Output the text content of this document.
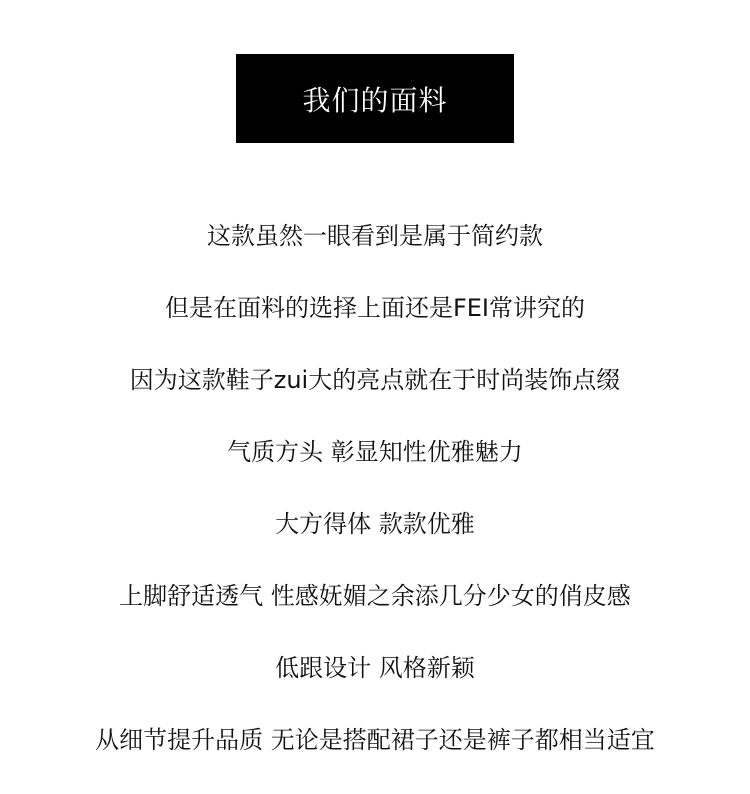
我们的面料
这款虽然一眼看到是属于简约款
但是在面料的选择上面还是FEI常讲究的
因为这款鞋子zui大的亮点就在于时尚装饰点缀
气质方头 彰显知性优雅魅力
大方得体 款款优雅
上脚舒适透气 性感妩媚之余添几分少女的俏皮感
低跟设计 风格新颖
从细节提升品质 无论是搭配裙子还是裤子都相当适宜
